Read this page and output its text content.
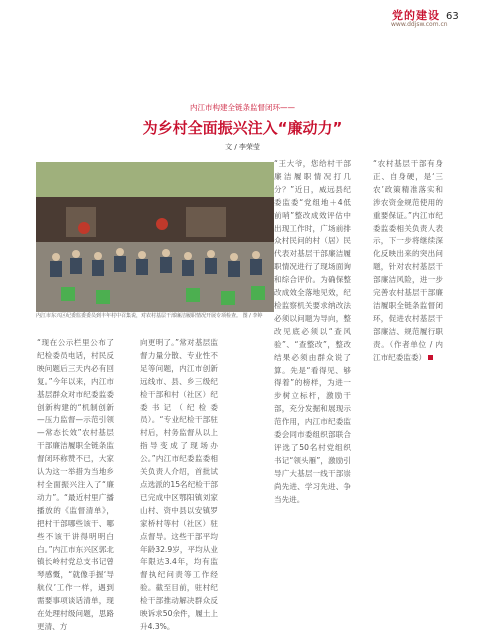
党的建设
www.ddjsw.com.cn
63
内江市构建全链条监督闭环——
为乡村全面振兴注入“廉动力”
文 / 李荣莹
内江市东兴区纪委监委委员到丰年村中召集说，对农村基层干部廉洁履职情况开展专项检查。 图 / 李婷

“现在公示栏里公布了纪检委员电话，村民反映问题后三天内必有回复。”今年以来，内江市基层群众对市纪委监委创新构建的“机制创新—压力监督—示范引领—常态长效”农村基层干部廉洁履职全链条监督闭环称赞不已，大家认为这一举措为当地乡村全面振兴注入了“廉动力”。“最近村里广播播放的《监督清单》，把村干部哪些该干、哪些不该干讲得明明白白。”内江市东兴区郭北镇长岭村党总支书记曾琴感慨，“就像手握‘导航仪’工作一样，遇到需要事项谈话清单，现在处理村级问题，思路更清、方

向更明了。”常对基层监督力量分散、专业性不足等问题，内江市创新远线市、县、乡三级纪检干部和村（社区）纪委书记（纪检委员）。“专业纪检干部驻村后，村务监督从以上指导变成了现场办公。”内江市纪委监委相关负责人介绍，首批试点选派的15名纪检干部已完成中区鄂阳镇刘家山村、资中县以安镇罗家桥村等村（社区）驻点督导。这些干部平均年龄32.9岁，平均从业年限达3.4年，均有监督执纪问责等工作经验。截至目前，驻村纪检干部推动解决群众反映诉求50余件，履土上升4.3%。

“王大爷，您给村干部廉洁履职情况打几分？”近日，威远县纪委监委“党组地＋4低前哨”整改成效评估中出现工作时，广场前排众村民问的村（居）民代表对基层干部廉洁履职情况进行了现场面询和综合评价。为确保整改成效全落地见效，纪检监察机关要求纳改法必须以问题为导向，整改见底必须以“查风验”、“查整改”，整改结果必须由群众说了算。先是“看得见、够得着”的榜样，为进一步树立标杆，激励干部，充分发掘和展现示范作用，内江市纪委监委会同市委组织部联合评选了50名村党组织书记“领头雁”，激励引导广大基层一线干部崇尚先进、学习先进、争当先进。

“农村基层干部有身正、自身硬，是‘三农’政策精准落实和涉农资金规范使用的重要保证。”内江市纪委监委相关负责人表示，下一步将继续深化反映出来的突出问题，针对农村基层干部廉洁风险，进一步完善农村基层干部廉洁履职全链条监督闭环，促进农村基层干部廉洁、规范履行职责。（作者单位 / 内江市纪委监委）
